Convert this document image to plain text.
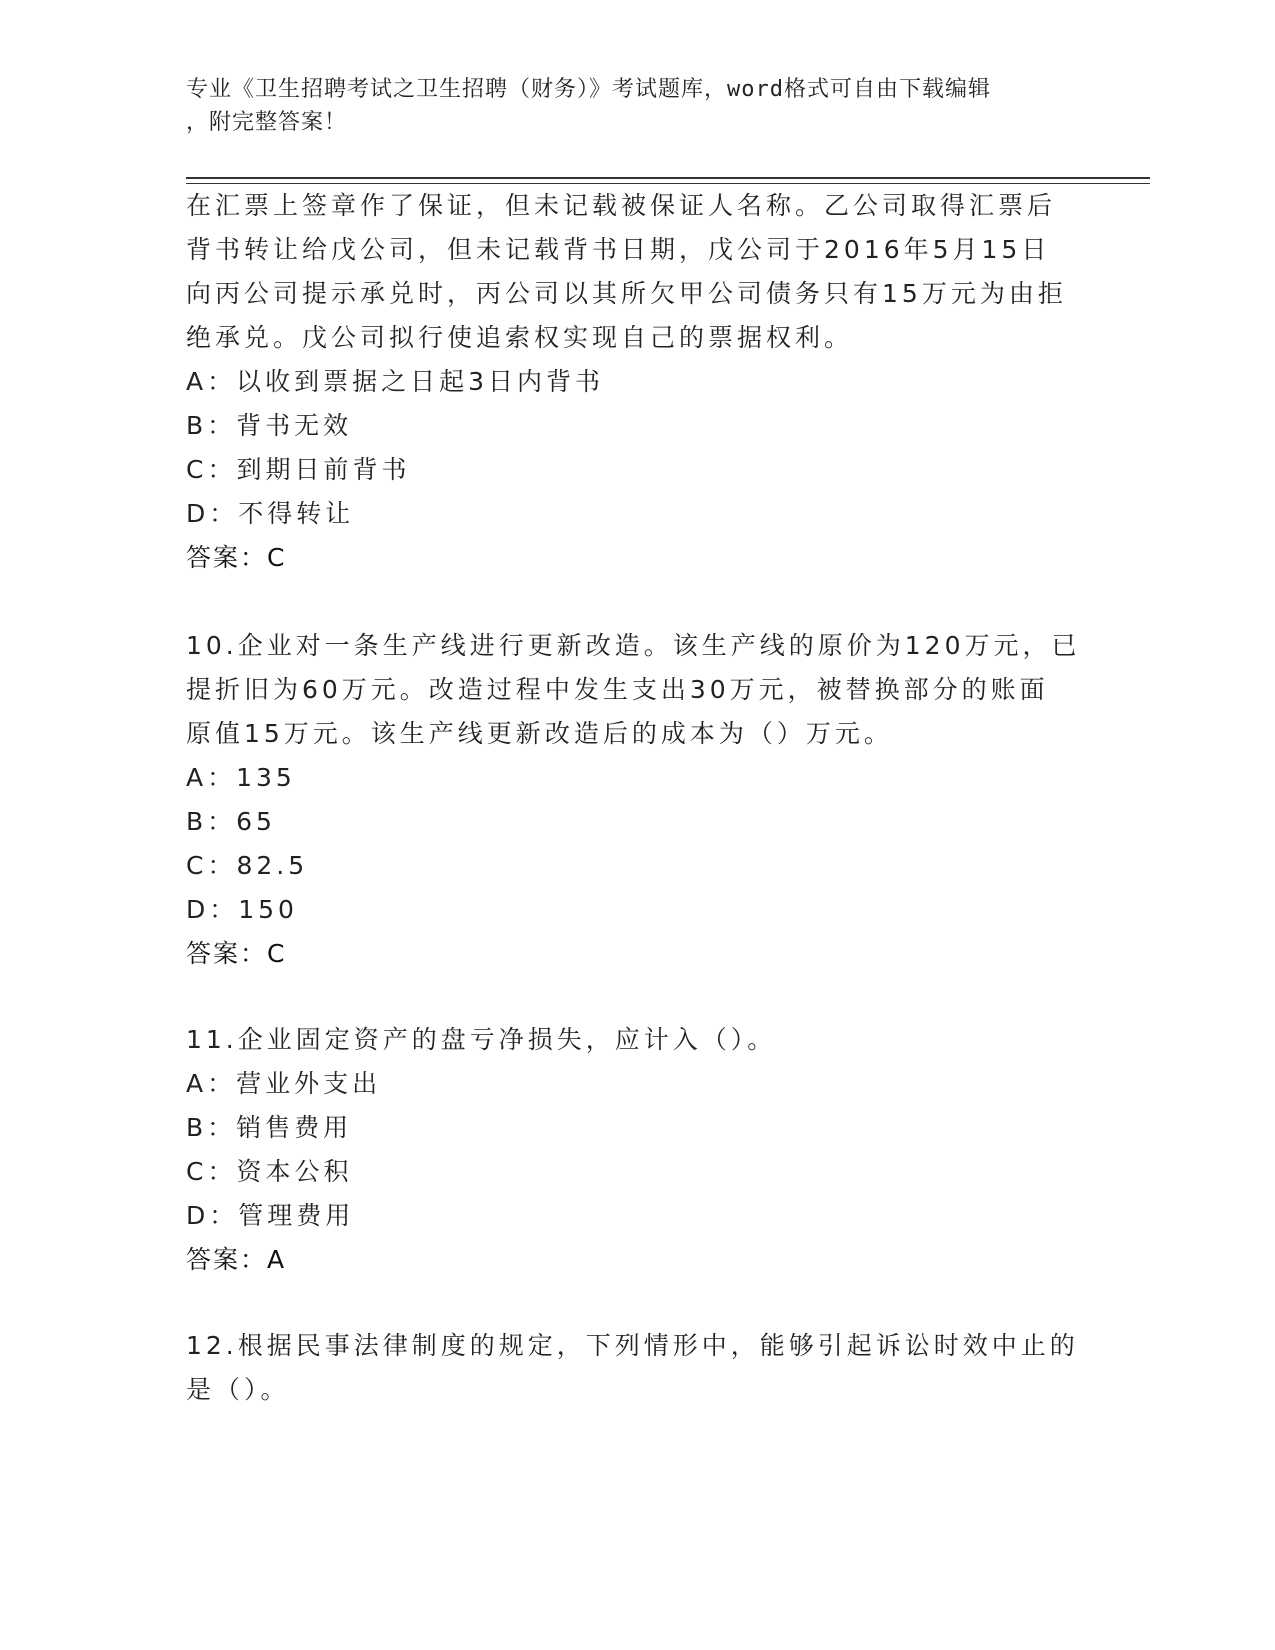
专业《卫生招聘考试之卫生招聘（财务）》考试题库，word格式可自由下载编辑
，附完整答案！
在汇票上签章作了保证，但未记载被保证人名称。乙公司取得汇票后
背书转让给戊公司，但未记载背书日期，戊公司于2016年5月15日
向丙公司提示承兑时，丙公司以其所欠甲公司债务只有15万元为由拒
绝承兑。戊公司拟行使追索权实现自己的票据权利。
A：以收到票据之日起3日内背书
B：背书无效
C：到期日前背书
D：不得转让
答案：C
10.企业对一条生产线进行更新改造。该生产线的原价为120万元，已
提折旧为60万元。改造过程中发生支出30万元，被替换部分的账面
原值15万元。该生产线更新改造后的成本为（）万元。
A：135
B：65
C：82.5
D：150
答案：C
11.企业固定资产的盘亏净损失，应计入（）。
A：营业外支出
B：销售费用
C：资本公积
D：管理费用
答案：A
12.根据民事法律制度的规定，下列情形中，能够引起诉讼时效中止的
是（）。
